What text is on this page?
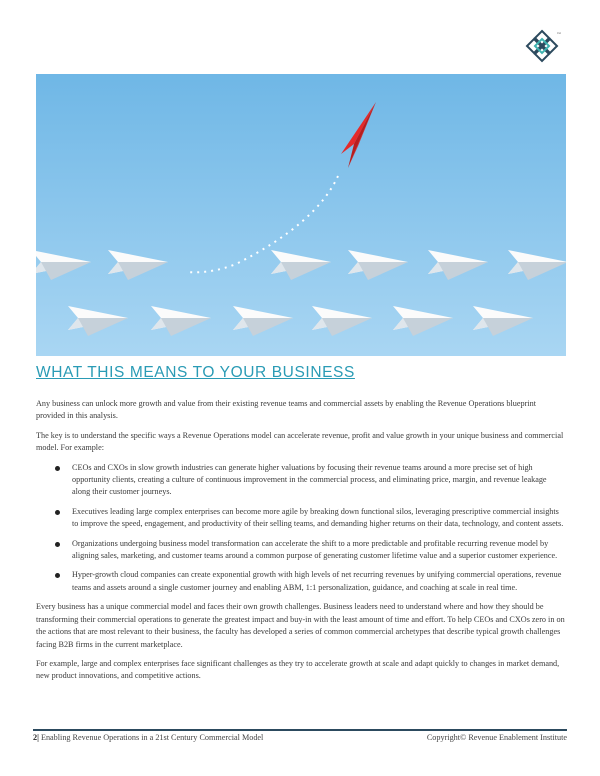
™
WHAT THIS MEANS TO YOUR BUSINESS

Any business can unlock more growth and value from their existing revenue teams and commercial assets by enabling the Revenue Operations blueprint provided in this analysis.

The key is to understand the specific ways a Revenue Operations model can accelerate revenue, profit and value growth in your unique business and commercial model. For example:

CEOs and CXOs in slow growth industries can generate higher valuations by focusing their revenue teams around a more precise set of high opportunity clients, creating a culture of continuous improvement in the commercial process, and eliminating price, margin, and revenue leakage along their customer journeys.
Executives leading large complex enterprises can become more agile by breaking down functional silos, leveraging prescriptive commercial insights to improve the speed, engagement, and productivity of their selling teams, and demanding higher returns on their data, technology, and content assets.
Organizations undergoing business model transformation can accelerate the shift to a more predictable and profitable recurring revenue model by aligning sales, marketing, and customer teams around a common purpose of generating customer lifetime value and a superior customer experience.
Hyper-growth cloud companies can create exponential growth with high levels of net recurring revenues by unifying commercial operations, revenue teams and assets around a single customer journey and enabling ABM, 1:1 personalization, guidance, and coaching at scale in real time.

Every business has a unique commercial model and faces their own growth challenges. Business leaders need to understand where and how they should be transforming their commercial operations to generate the greatest impact and buy-in with the least amount of time and effort. To help CEOs and CXOs zero in on the actions that are most relevant to their business, the faculty has developed a series of common commercial archetypes that describe typical growth challenges facing B2B firms in the current marketplace.

For example, large and complex enterprises face significant challenges as they try to accelerate growth at scale and adapt quickly to changes in market demand, new product innovations, and competitive actions.

2| Enabling Revenue Operations in a 21st Century Commercial Model	Copyright© Revenue Enablement Institute
